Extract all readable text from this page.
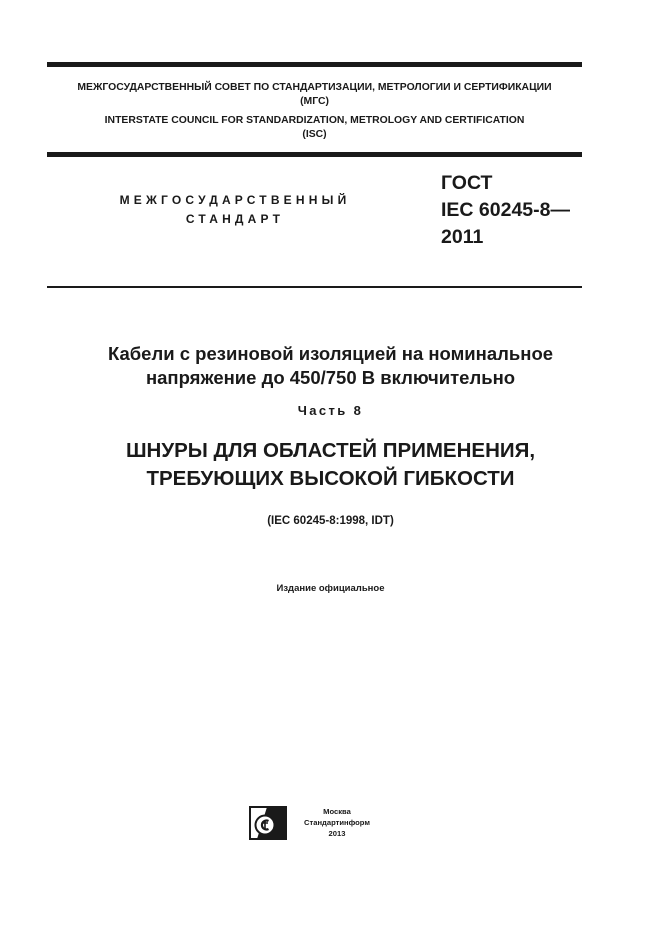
МЕЖГОСУДАРСТВЕННЫЙ СОВЕТ ПО СТАНДАРТИЗАЦИИ, МЕТРОЛОГИИ И СЕРТИФИКАЦИИ
(МГС)
INTERSTATE COUNCIL FOR STANDARDIZATION, METROLOGY AND CERTIFICATION
(ISC)
МЕЖГОСУДАРСТВЕННЫЙ
СТАНДАРТ
ГОСТ
IEC 60245-8—
2011
Кабели с резиновой изоляцией на номинальное
напряжение до 450/750 В включительно
Часть 8
ШНУРЫ ДЛЯ ОБЛАСТЕЙ ПРИМЕНЕНИЯ,
ТРЕБУЮЩИХ ВЫСОКОЙ ГИБКОСТИ
(IEC 60245-8:1998, IDT)
Издание официальное
Москва
Стандартинформ
2013
